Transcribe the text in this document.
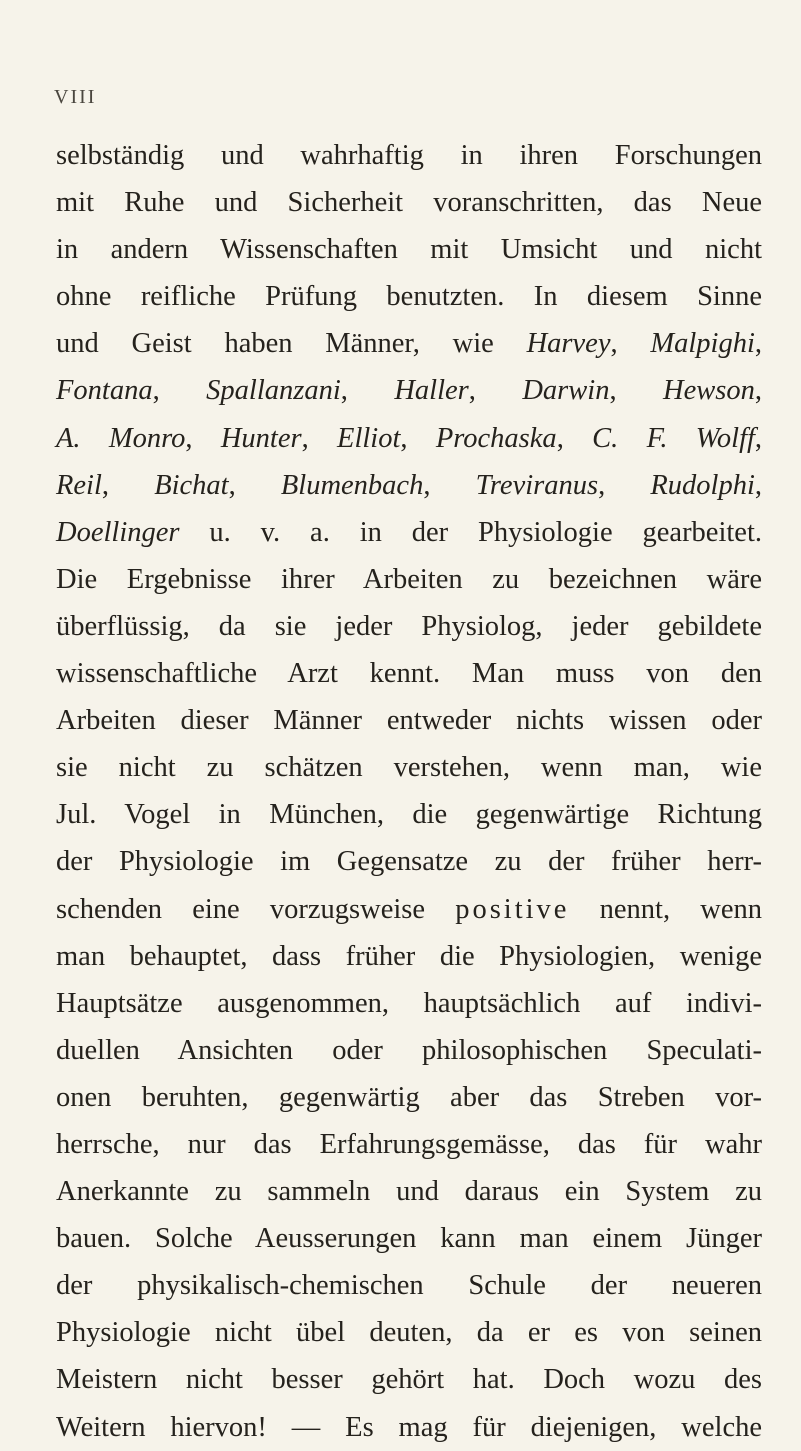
VIII
selbständig und wahrhaftig in ihren Forschungen
mit Ruhe und Sicherheit voranschritten, das Neue
in andern Wissenschaften mit Umsicht und nicht
ohne reifliche Prüfung benutzten. In diesem Sinne
und Geist haben Männer, wie Harvey, Malpighi,
Fontana, Spallanzani, Haller, Darwin, Hewson,
A. Monro, Hunter, Elliot, Prochaska, C. F. Wolff,
Reil, Bichat, Blumenbach, Treviranus, Rudolphi,
Doellinger u. v. a. in der Physiologie gearbeitet.
Die Ergebnisse ihrer Arbeiten zu bezeichnen wäre
überflüssig, da sie jeder Physiolog, jeder gebildete
wissenschaftliche Arzt kennt. Man muss von den
Arbeiten dieser Männer entweder nichts wissen oder
sie nicht zu schätzen verstehen, wenn man, wie
Jul. Vogel in München, die gegenwärtige Richtung
der Physiologie im Gegensatze zu der früher herr-
schenden eine vorzugsweise positive nennt, wenn
man behauptet, dass früher die Physiologien, wenige
Hauptsätze ausgenommen, hauptsächlich auf indivi-
duellen Ansichten oder philosophischen Speculati-
onen beruhten, gegenwärtig aber das Streben vor-
herrsche, nur das Erfahrungsgemässe, das für wahr
Anerkannte zu sammeln und daraus ein System zu
bauen. Solche Aeusserungen kann man einem Jünger
der physikalisch-chemischen Schule der neueren
Physiologie nicht übel deuten, da er es von seinen
Meistern nicht besser gehört hat. Doch wozu des
Weitern hiervon! — Es mag für diejenigen, welche
